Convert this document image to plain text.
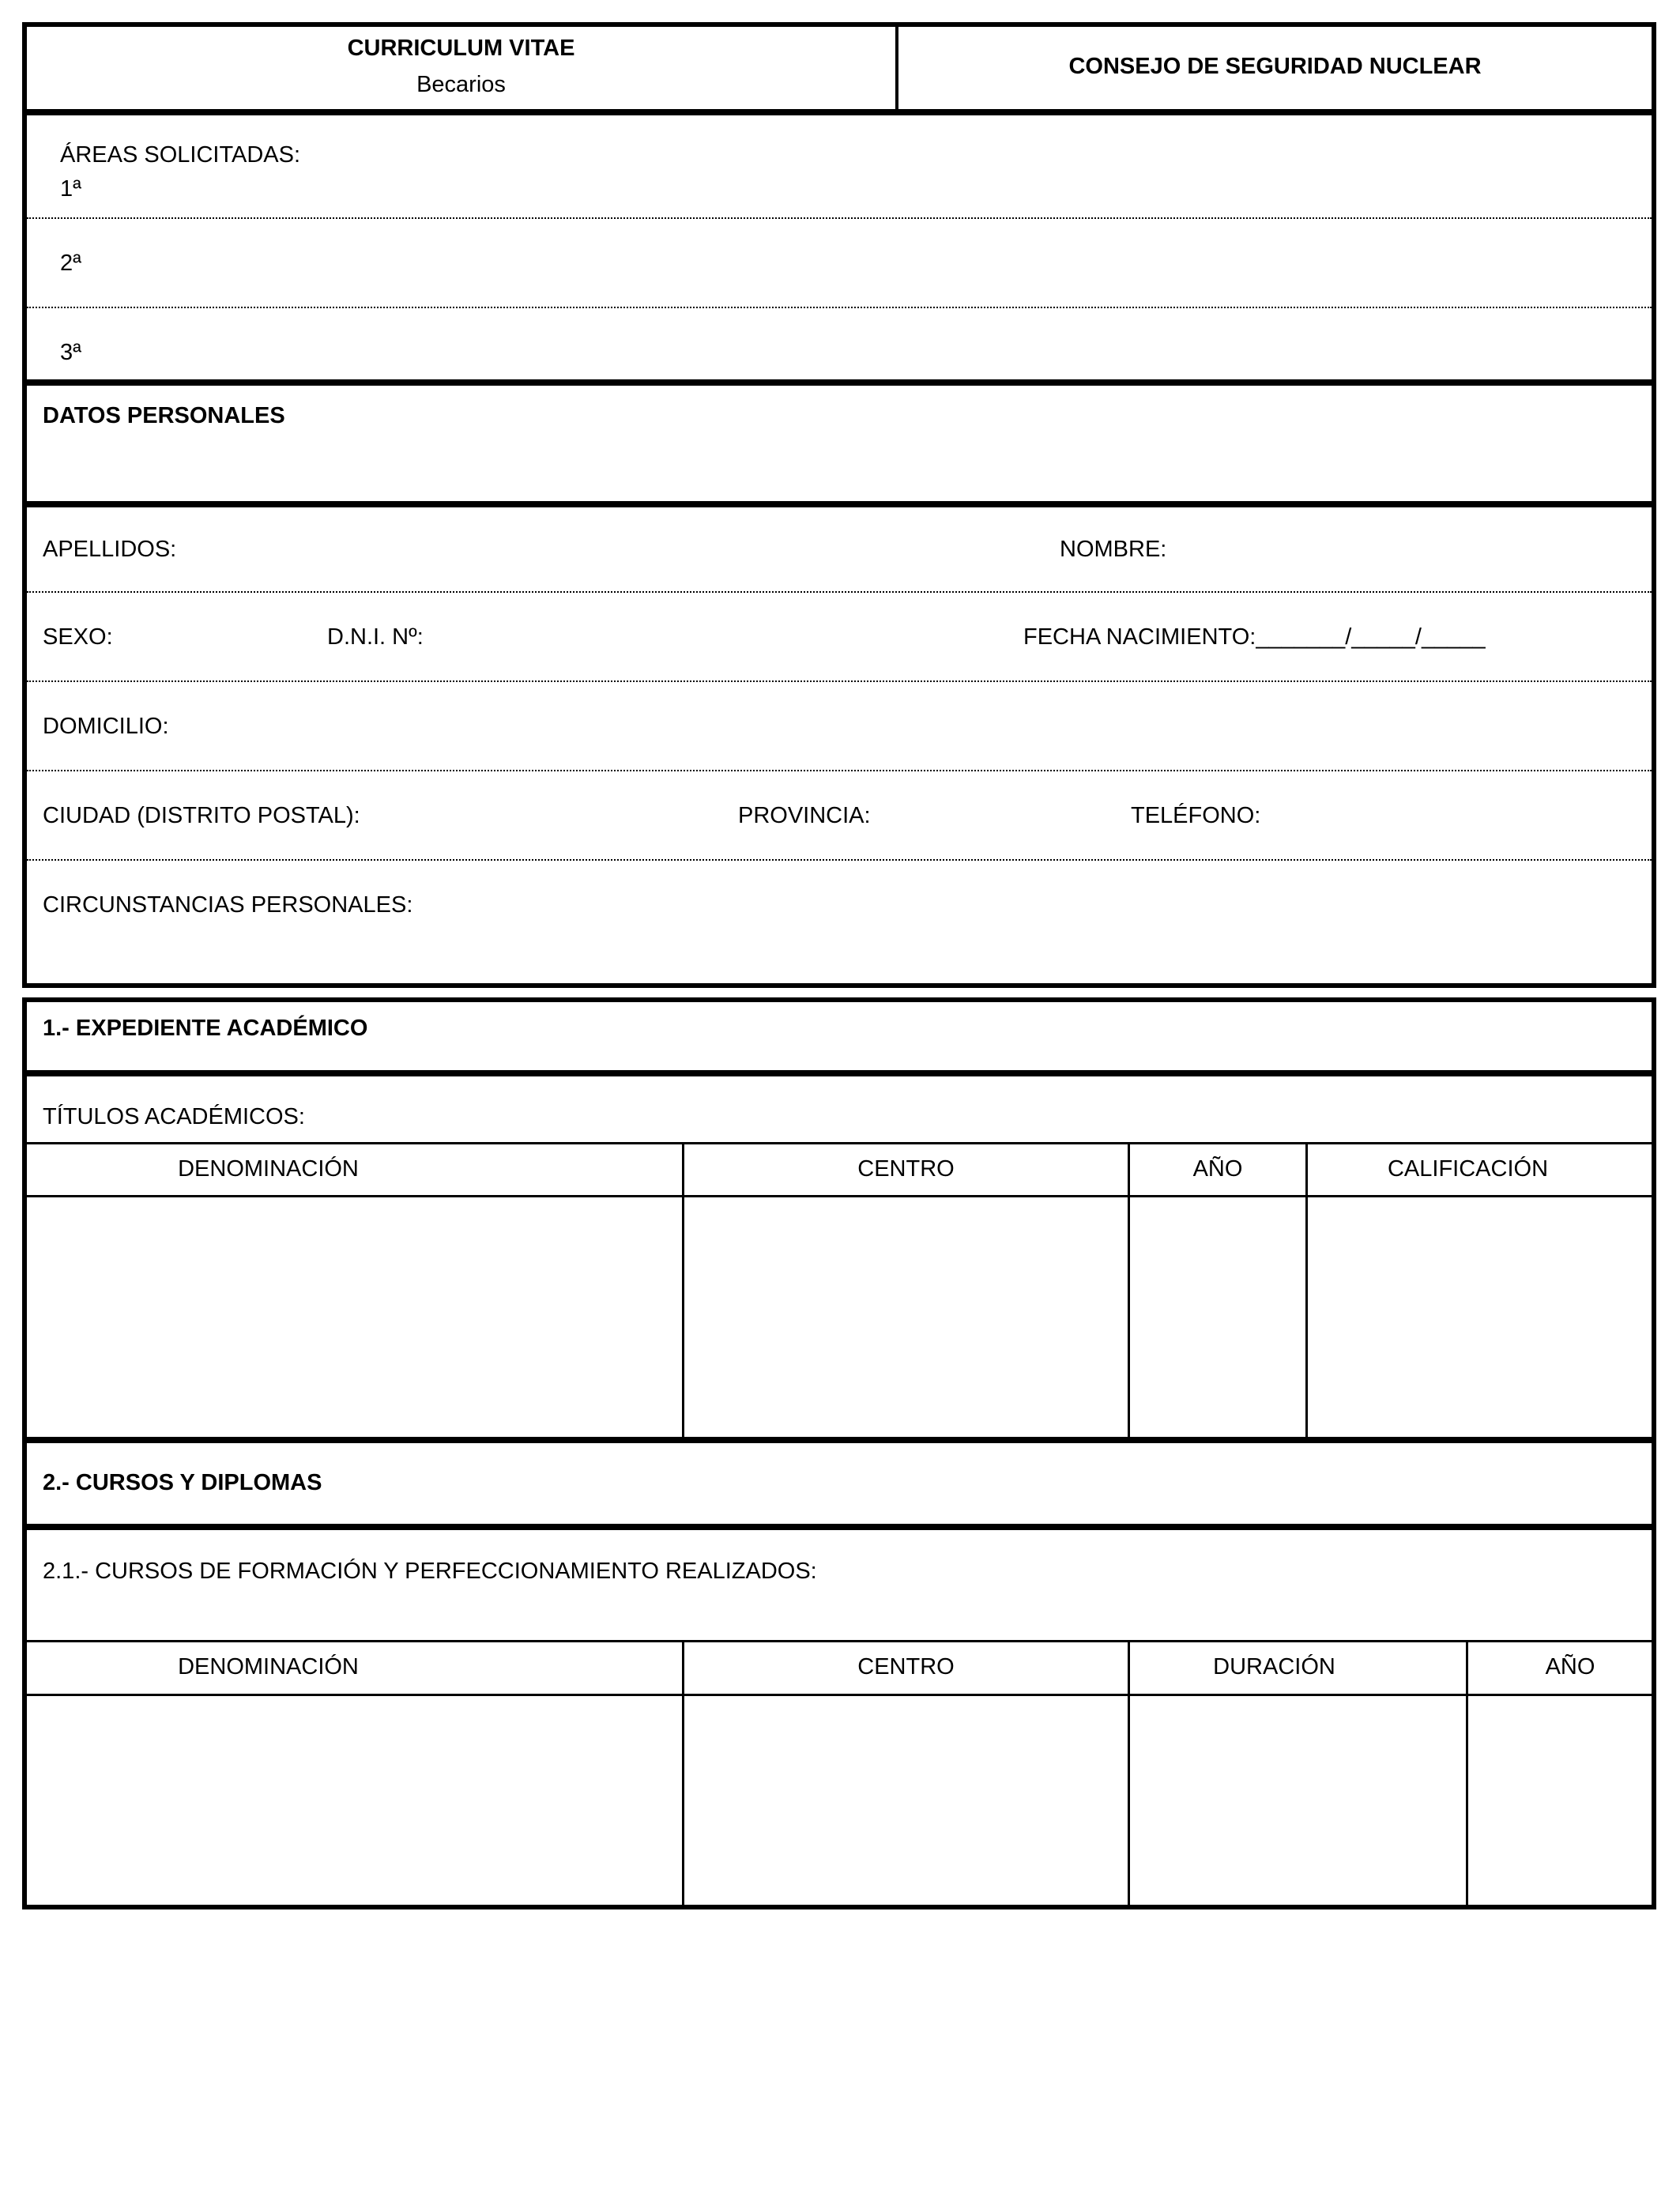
CURRICULUM VITAE
Becarios
CONSEJO DE SEGURIDAD NUCLEAR
ÁREAS SOLICITADAS:
1ª
2ª
3ª
DATOS PERSONALES
APELLIDOS:	NOMBRE:
SEXO:	D.N.I. Nº:	FECHA NACIMIENTO:_______/_____/_____
DOMICILIO:
CIUDAD (DISTRITO POSTAL):	PROVINCIA:	TELÉFONO:
CIRCUNSTANCIAS PERSONALES:
1.- EXPEDIENTE ACADÉMICO
TÍTULOS ACADÉMICOS:
DENOMINACIÓN	CENTRO	AÑO	CALIFICACIÓN
2.- CURSOS Y DIPLOMAS
2.1.- CURSOS DE FORMACIÓN Y PERFECCIONAMIENTO REALIZADOS:
DENOMINACIÓN	CENTRO	DURACIÓN	AÑO
